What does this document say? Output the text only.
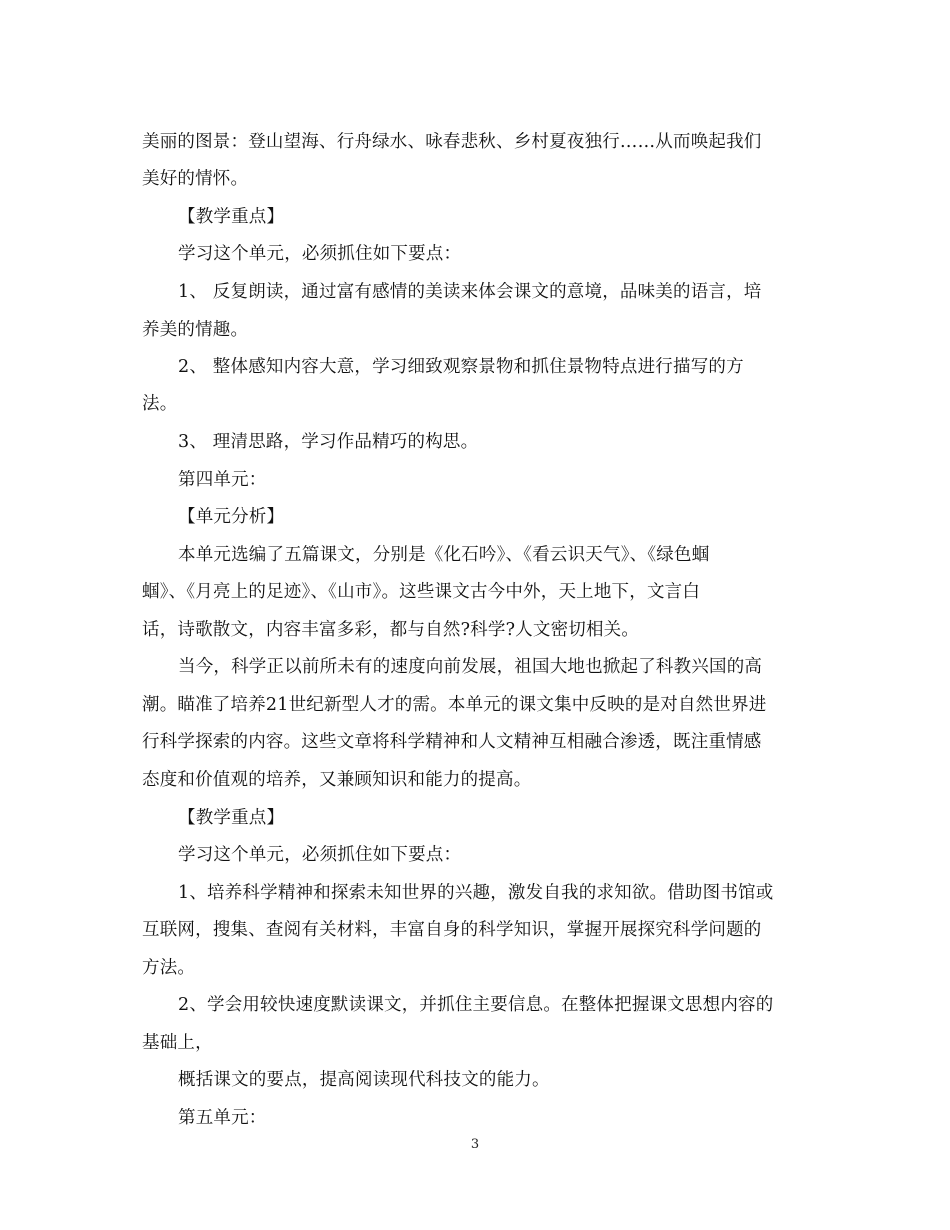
美丽的图景：登山望海、行舟绿水、咏春悲秋、乡村夏夜独行……从而唤起我们
美好的情怀。
【教学重点】
学习这个单元，必须抓住如下要点：
1、 反复朗读，通过富有感情的美读来体会课文的意境，品味美的语言，培
养美的情趣。
2、 整体感知内容大意，学习细致观察景物和抓住景物特点进行描写的方
法。
3、 理清思路，学习作品精巧的构思。
第四单元：
【单元分析】
本单元选编了五篇课文，分别是《化石吟》、《看云识天气》、《绿色蝈
蝈》、《月亮上的足迹》、《山市》。这些课文古今中外，天上地下，文言白
话，诗歌散文，内容丰富多彩，都与自然?科学?人文密切相关。
当今，科学正以前所未有的速度向前发展，祖国大地也掀起了科教兴国的高
潮。瞄准了培养21世纪新型人才的需。本单元的课文集中反映的是对自然世界进
行科学探索的内容。这些文章将科学精神和人文精神互相融合渗透，既注重情感
态度和价值观的培养，又兼顾知识和能力的提高。
【教学重点】
学习这个单元，必须抓住如下要点：
1、培养科学精神和探索未知世界的兴趣，激发自我的求知欲。借助图书馆或
互联网，搜集、查阅有关材料，丰富自身的科学知识，掌握开展探究科学问题的
方法。
2、学会用较快速度默读课文，并抓住主要信息。在整体把握课文思想内容的
基础上，
概括课文的要点，提高阅读现代科技文的能力。
第五单元：
3
